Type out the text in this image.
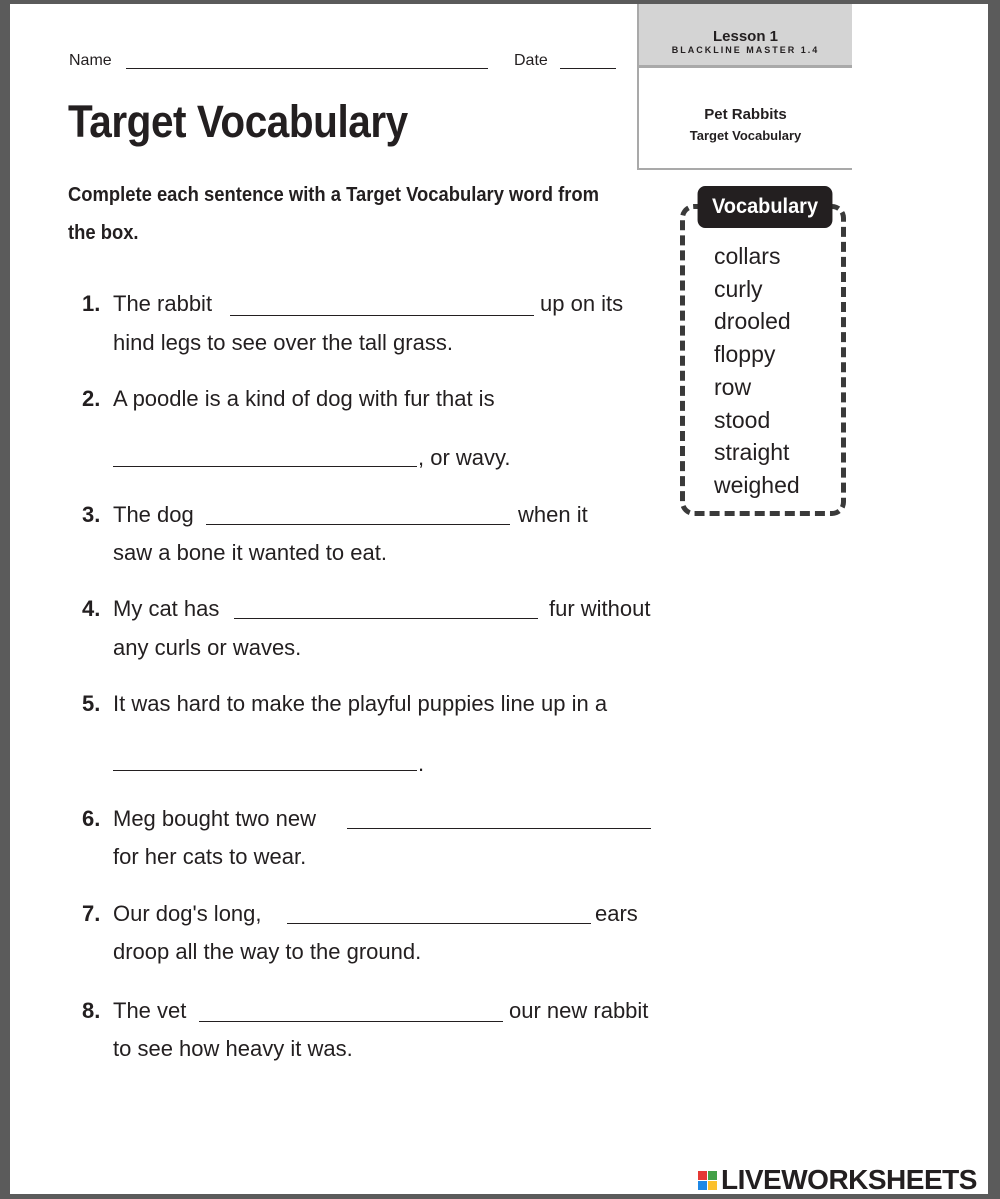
Name	Date
Lesson 1
BLACKLINE MASTER 1.4
Pet Rabbits
Target Vocabulary
Target Vocabulary
Complete each sentence with a Target Vocabulary word from the box.
Vocabulary
collars
curly
drooled
floppy
row
stood
straight
weighed
1. The rabbit	up on its
hind legs to see over the tall grass.
2. A poodle is a kind of dog with fur that is
, or wavy.
3. The dog	when it
saw a bone it wanted to eat.
4. My cat has	fur without
any curls or waves.
5. It was hard to make the playful puppies line up in a
.
6. Meg bought two new
for her cats to wear.
7. Our dog's long,	ears
droop all the way to the ground.
8. The vet	our new rabbit
to see how heavy it was.
LIVEWORKSHEETS
